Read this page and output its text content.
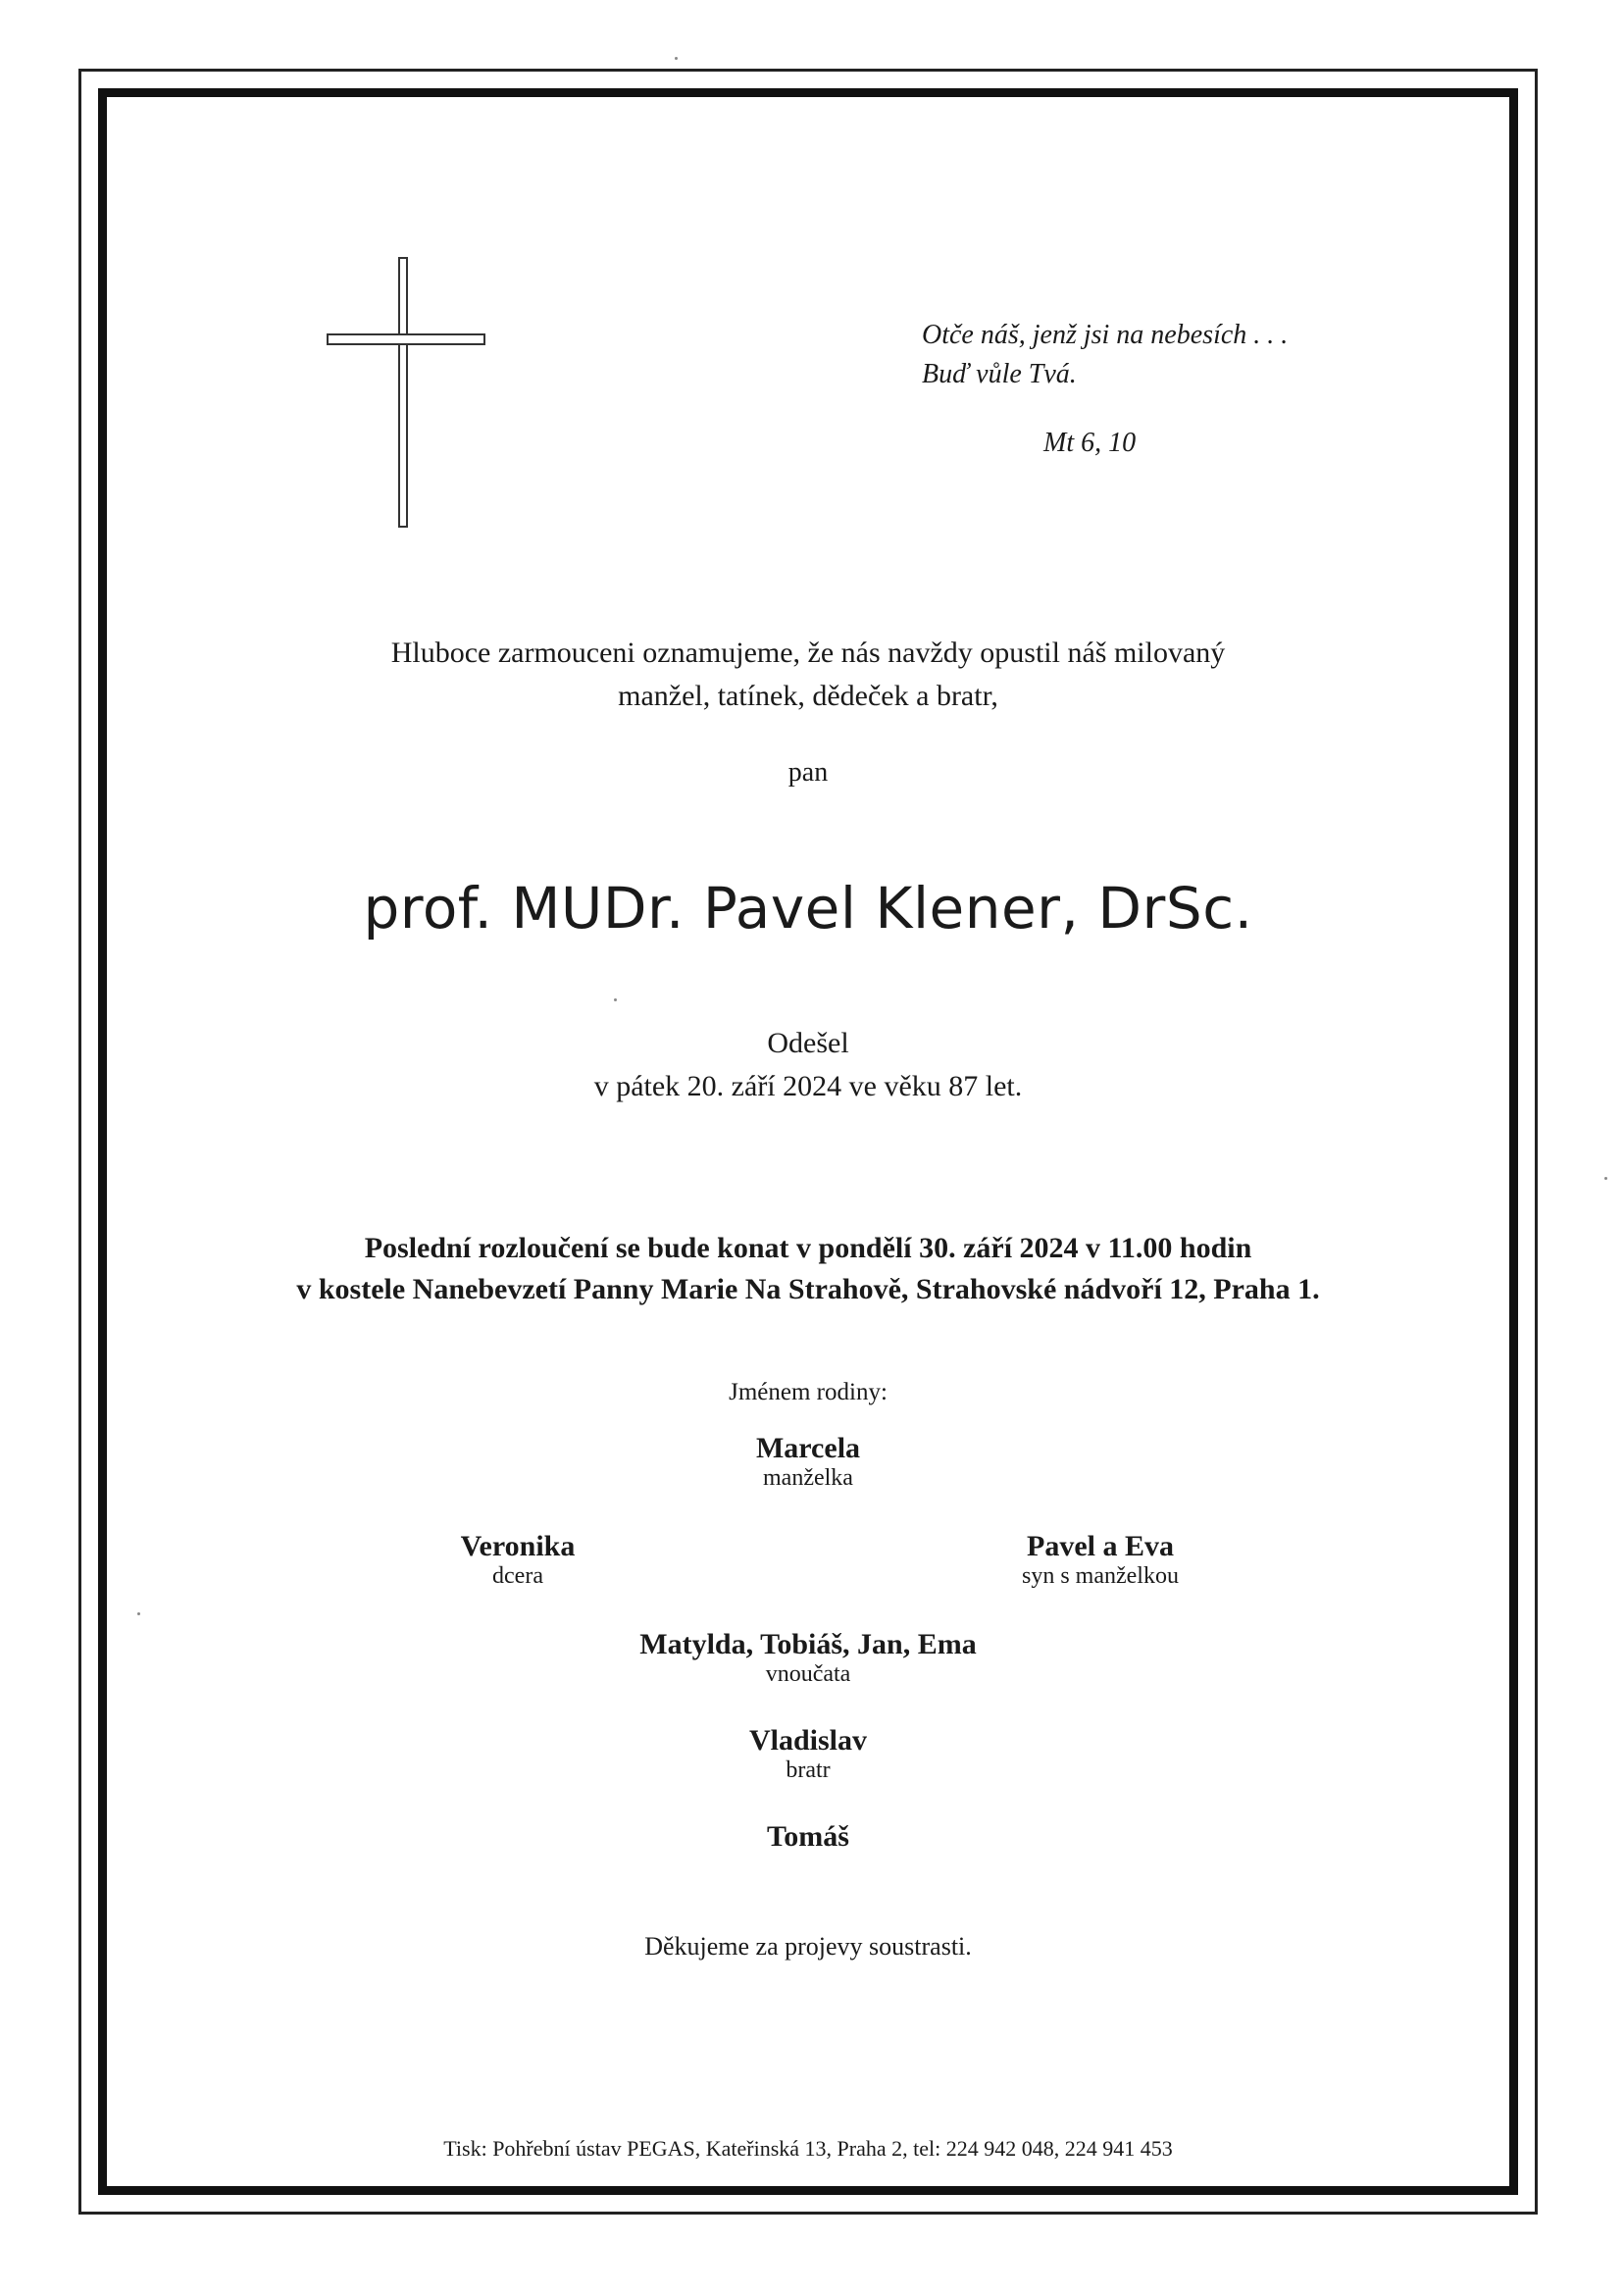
Otče náš, jenž jsi na nebesích . . .
Buď vůle Tvá.
Mt 6, 10
Hluboce zarmouceni oznamujeme, že nás navždy opustil náš milovaný
manžel, tatínek, dědeček a bratr,
pan
prof. MUDr. Pavel Klener, DrSc.
Odešel
v pátek 20. září 2024 ve věku 87 let.
Poslední rozloučení se bude konat v pondělí 30. září 2024 v 11.00 hodin
v kostele Nanebevzetí Panny Marie Na Strahově, Strahovské nádvoří 12, Praha 1.
Jménem rodiny:
Marcela
manželka
Veronika
dcera
Pavel a Eva
syn s manželkou
Matylda, Tobiáš, Jan, Ema
vnoučata
Vladislav
bratr
Tomáš
Děkujeme za projevy soustrasti.
Tisk: Pohřební ústav PEGAS, Kateřinská 13, Praha 2, tel: 224 942 048, 224 941 453
